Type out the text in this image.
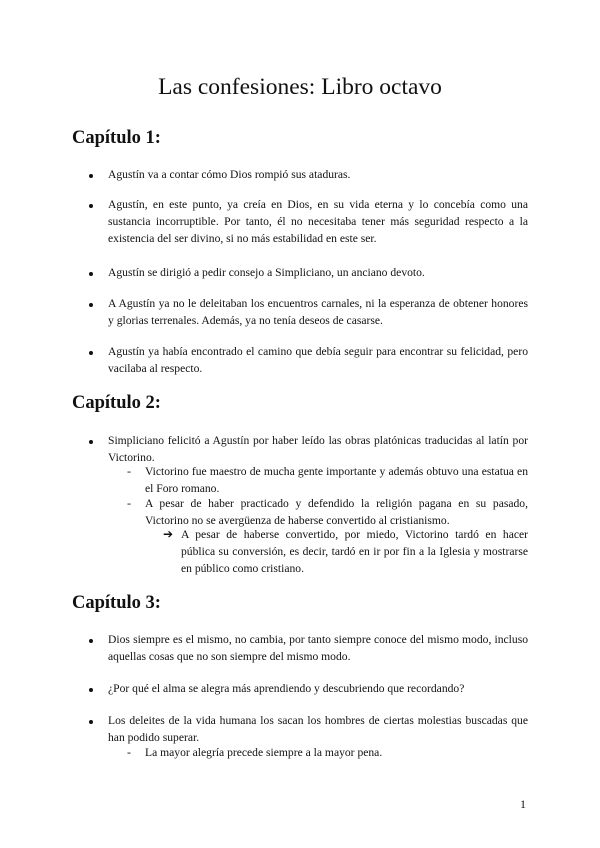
Las confesiones: Libro octavo
Capítulo 1:

Agustín va a contar cómo Dios rompió sus ataduras.

Agustín, en este punto, ya creía en Dios, en su vida eterna y lo concebía como una sustancia incorruptible. Por tanto, él no necesitaba tener más seguridad respecto a la existencia del ser divino, si no más estabilidad en este ser.

Agustín se dirigió a pedir consejo a Simpliciano, un anciano devoto.

A Agustín ya no le deleitaban los encuentros carnales, ni la esperanza de obtener honores y glorias terrenales. Además, ya no tenía deseos de casarse.

Agustín ya había encontrado el camino que debía seguir para encontrar su felicidad, pero vacilaba al respecto.

Capítulo 2:

Simpliciano felicitó a Agustín por haber leído las obras platónicas traducidas al latín por Victorino.

- Victorino fue maestro de mucha gente importante y además obtuvo una estatua en el Foro romano.

- A pesar de haber practicado y defendido la religión pagana en su pasado, Victorino no se avergüenza de haberse convertido al cristianismo.

➔ A pesar de haberse convertido, por miedo, Victorino tardó en hacer pública su conversión, es decir, tardó en ir por fin a la Iglesia y mostrarse en público como cristiano.

Capítulo 3:

Dios siempre es el mismo, no cambia, por tanto siempre conoce del mismo modo, incluso aquellas cosas que no son siempre del mismo modo.

¿Por qué el alma se alegra más aprendiendo y descubriendo que recordando?

Los deleites de la vida humana los sacan los hombres de ciertas molestias buscadas que han podido superar.

- La mayor alegría precede siempre a la mayor pena.

1
